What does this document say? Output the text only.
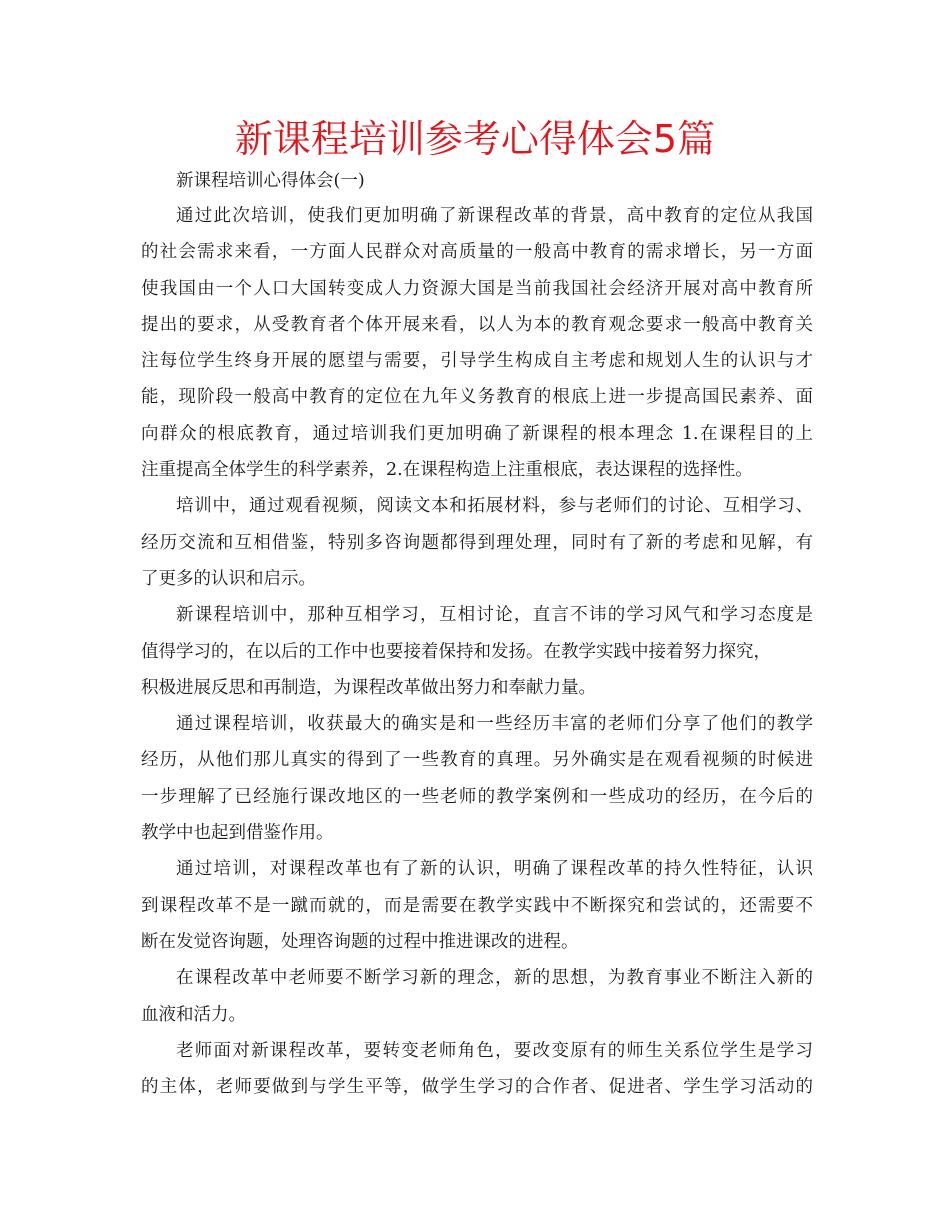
新课程培训参考心得体会5篇
新课程培训心得体会(一)
通过此次培训，使我们更加明确了新课程改革的背景，高中教育的定位从我国
的社会需求来看，一方面人民群众对高质量的一般高中教育的需求增长，另一方面
使我国由一个人口大国转变成人力资源大国是当前我国社会经济开展对高中教育所
提出的要求，从受教育者个体开展来看，以人为本的教育观念要求一般高中教育关
注每位学生终身开展的愿望与需要，引导学生构成自主考虑和规划人生的认识与才
能，现阶段一般高中教育的定位在九年义务教育的根底上进一步提高国民素养、面
向群众的根底教育，通过培训我们更加明确了新课程的根本理念 1.在课程目的上
注重提高全体学生的科学素养，2.在课程构造上注重根底，表达课程的选择性。
培训中，通过观看视频，阅读文本和拓展材料，参与老师们的讨论、互相学习、
经历交流和互相借鉴，特别多咨询题都得到理处理，同时有了新的考虑和见解，有
了更多的认识和启示。
新课程培训中，那种互相学习，互相讨论，直言不讳的学习风气和学习态度是
值得学习的，在以后的工作中也要接着保持和发扬。在教学实践中接着努力探究，
积极进展反思和再制造，为课程改革做出努力和奉献力量。
通过课程培训，收获最大的确实是和一些经历丰富的老师们分享了他们的教学
经历，从他们那儿真实的得到了一些教育的真理。另外确实是在观看视频的时候进
一步理解了已经施行课改地区的一些老师的教学案例和一些成功的经历，在今后的
教学中也起到借鉴作用。
通过培训，对课程改革也有了新的认识，明确了课程改革的持久性特征，认识
到课程改革不是一蹴而就的，而是需要在教学实践中不断探究和尝试的，还需要不
断在发觉咨询题，处理咨询题的过程中推进课改的进程。
在课程改革中老师要不断学习新的理念，新的思想，为教育事业不断注入新的
血液和活力。
老师面对新课程改革，要转变老师角色，要改变原有的师生关系位学生是学习
的主体，老师要做到与学生平等，做学生学习的合作者、促进者、学生学习活动的
